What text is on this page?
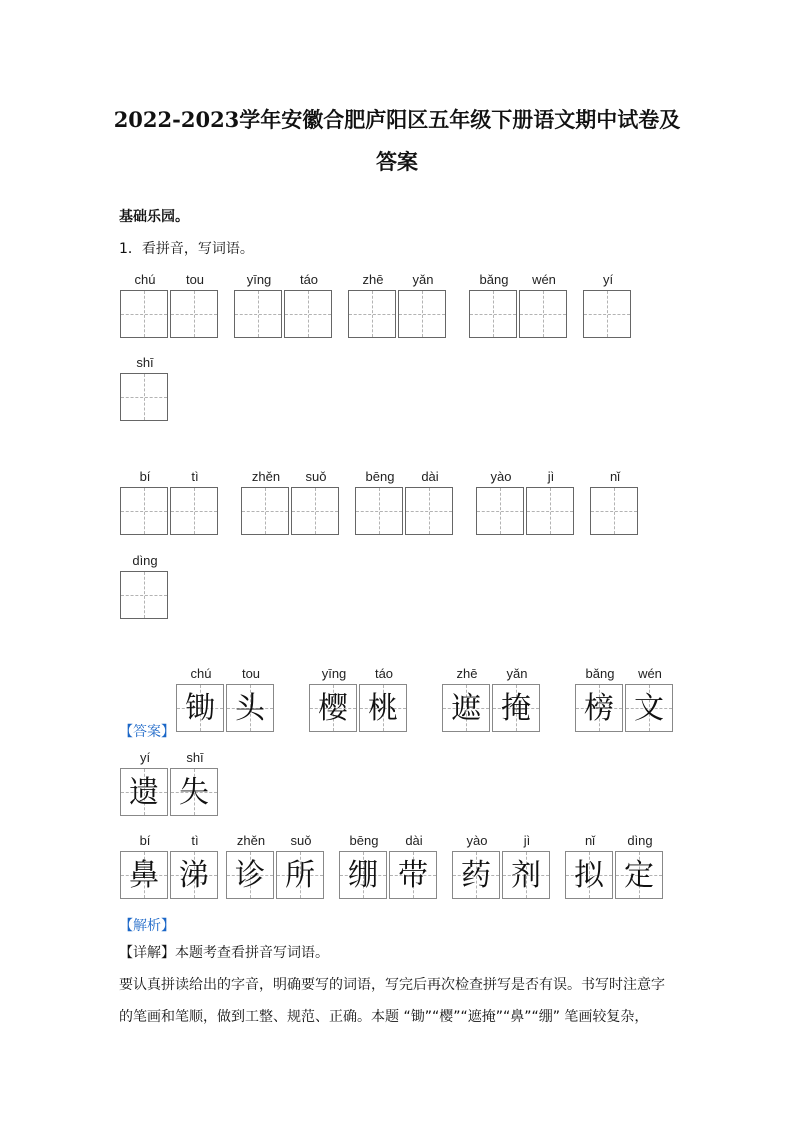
2022-2023学年安徽合肥庐阳区五年级下册语文期中试卷及
答案
基础乐园。
1．看拼音，写词语。
chú	tou	yīng	táo	zhē	yǎn	bǎng	wén	yí
shī
bí	tì	zhěn	suǒ	bēng	dài	yào	jì	nǐ
dìng
【答案】
chú	tou	yīng	táo	zhē	yǎn	bǎng	wén
锄 头 樱 桃 遮 掩 榜 文
yí	shī
遗 失
bí	tì	zhěn	suǒ	bēng	dài	yào	jì	nǐ	dìng
鼻 涕 诊 所 绷 带 药 剂 拟 定
【解析】
【详解】本题考查看拼音写词语。
要认真拼读给出的字音，明确要写的词语，写完后再次检查拼写是否有误。书写时注意字
的笔画和笔顺，做到工整、规范、正确。本题 “锄”“樱”“遮掩”“鼻”“绷” 笔画较复杂，
